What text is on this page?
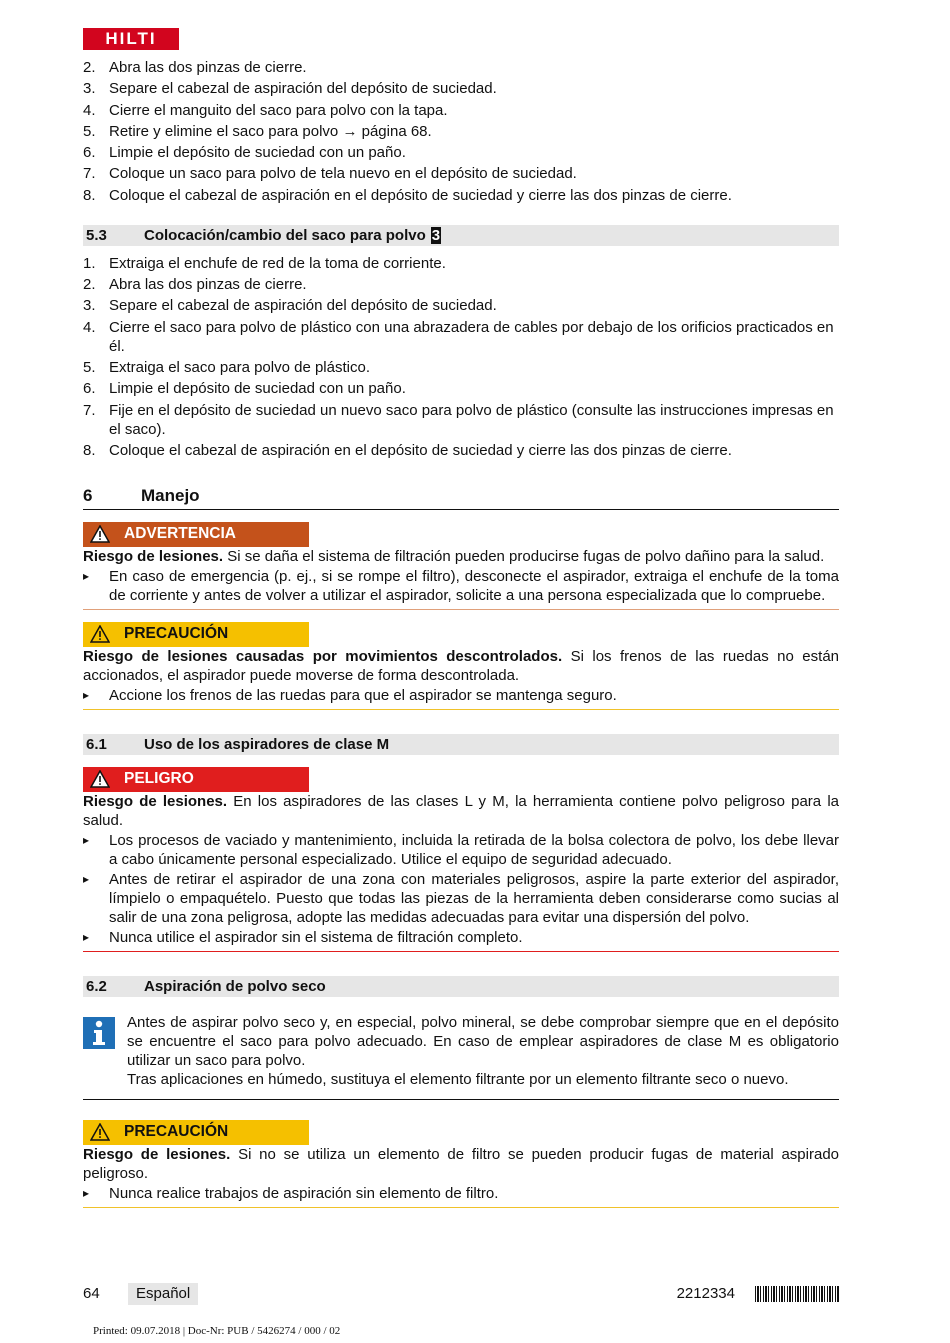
HILTI
2. Abra las dos pinzas de cierre.
3. Separe el cabezal de aspiración del depósito de suciedad.
4. Cierre el manguito del saco para polvo con la tapa.
5. Retire y elimine el saco para polvo → página 68.
6. Limpie el depósito de suciedad con un paño.
7. Coloque un saco para polvo de tela nuevo en el depósito de suciedad.
8. Coloque el cabezal de aspiración en el depósito de suciedad y cierre las dos pinzas de cierre.
5.3	Colocación/cambio del saco para polvo 3
1. Extraiga el enchufe de red de la toma de corriente.
2. Abra las dos pinzas de cierre.
3. Separe el cabezal de aspiración del depósito de suciedad.
4. Cierre el saco para polvo de plástico con una abrazadera de cables por debajo de los orificios practicados en él.
5. Extraiga el saco para polvo de plástico.
6. Limpie el depósito de suciedad con un paño.
7. Fije en el depósito de suciedad un nuevo saco para polvo de plástico (consulte las instrucciones impresas en el saco).
8. Coloque el cabezal de aspiración en el depósito de suciedad y cierre las dos pinzas de cierre.
6	Manejo
ADVERTENCIA
Riesgo de lesiones. Si se daña el sistema de filtración pueden producirse fugas de polvo dañino para la salud.
▸ En caso de emergencia (p. ej., si se rompe el filtro), desconecte el aspirador, extraiga el enchufe de la toma de corriente y antes de volver a utilizar el aspirador, solicite a una persona especializada que lo compruebe.
PRECAUCIÓN
Riesgo de lesiones causadas por movimientos descontrolados. Si los frenos de las ruedas no están accionados, el aspirador puede moverse de forma descontrolada.
▸ Accione los frenos de las ruedas para que el aspirador se mantenga seguro.
6.1	Uso de los aspiradores de clase M
PELIGRO
Riesgo de lesiones. En los aspiradores de las clases L y M, la herramienta contiene polvo peligroso para la salud.
▸ Los procesos de vaciado y mantenimiento, incluida la retirada de la bolsa colectora de polvo, los debe llevar a cabo únicamente personal especializado. Utilice el equipo de seguridad adecuado.
▸ Antes de retirar el aspirador de una zona con materiales peligrosos, aspire la parte exterior del aspirador, límpielo o empaquételo. Puesto que todas las piezas de la herramienta deben considerarse como sucias al salir de una zona peligrosa, adopte las medidas adecuadas para evitar una dispersión del polvo.
▸ Nunca utilice el aspirador sin el sistema de filtración completo.
6.2	Aspiración de polvo seco
Antes de aspirar polvo seco y, en especial, polvo mineral, se debe comprobar siempre que en el depósito se encuentre el saco para polvo adecuado. En caso de emplear aspiradores de clase M es obligatorio utilizar un saco para polvo.
Tras aplicaciones en húmedo, sustituya el elemento filtrante por un elemento filtrante seco o nuevo.
PRECAUCIÓN
Riesgo de lesiones. Si no se utiliza un elemento de filtro se pueden producir fugas de material aspirado peligroso.
▸ Nunca realice trabajos de aspiración sin elemento de filtro.
64	Español	2212334
Printed: 09.07.2018 | Doc-Nr: PUB / 5426274 / 000 / 02
